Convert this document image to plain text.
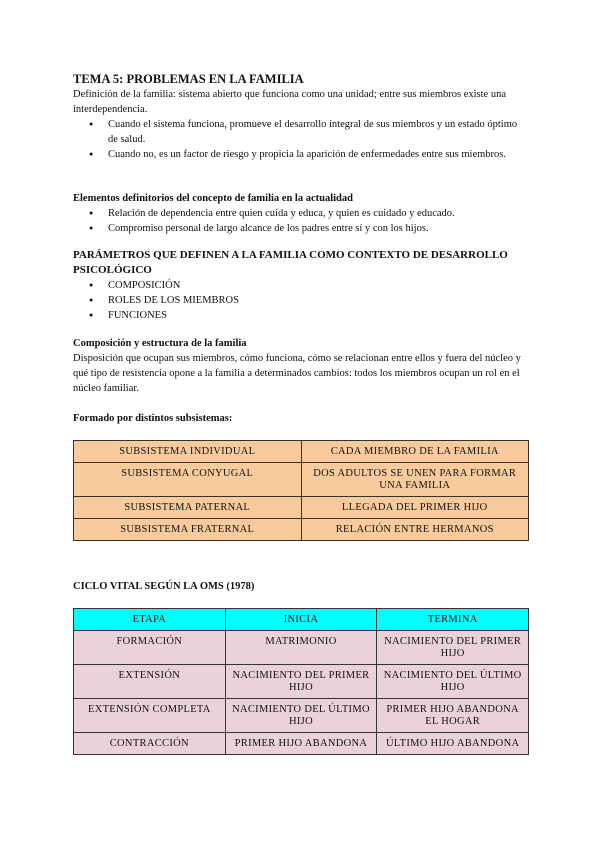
TEMA 5: PROBLEMAS EN LA FAMILIA

Definición de la familia: sistema abierto que funciona como una unidad; entre sus miembros existe una interdependencia.

● Cuando el sistema funciona, promueve el desarrollo integral de sus miembros y un estado óptimo de salud.
● Cuando no, es un factor de riesgo y propicia la aparición de enfermedades entre sus miembros.

Elementos definitorios del concepto de familia en la actualidad

● Relación de dependencia entre quien cuida y educa, y quien es cuidado y educado.
● Compromiso personal de largo alcance de los padres entre sí y con los hijos.

PARÁMETROS QUE DEFINEN A LA FAMILIA COMO CONTEXTO DE DESARROLLO PSICOLÓGICO

● COMPOSICIÓN
● ROLES DE LOS MIEMBROS
● FUNCIONES

Composición y estructura de la familia

Disposición que ocupan sus miembros, cómo funciona, cómo se relacionan entre ellos y fuera del núcleo y qué tipo de resistencia opone a la familia a determinados cambios: todos los miembros ocupan un rol en el núcleo familiar.

Formado por distintos subsistemas:

SUBSISTEMA INDIVIDUAL	CADA MIEMBRO DE LA FAMILIA
SUBSISTEMA CONYUGAL	DOS ADULTOS SE UNEN PARA FORMAR UNA FAMILIA
SUBSISTEMA PATERNAL	LLEGADA DEL PRIMER HIJO
SUBSISTEMA FRATERNAL	RELACIÓN ENTRE HERMANOS

CICLO VITAL SEGÚN LA OMS (1978)

ETAPA	INICIA	TERMINA
FORMACIÓN	MATRIMONIO	NACIMIENTO DEL PRIMER HIJO
EXTENSIÓN	NACIMIENTO DEL PRIMER HIJO	NACIMIENTO DEL ÚLTIMO HIJO
EXTENSIÓN COMPLETA	NACIMIENTO DEL ÚLTIMO HIJO	PRIMER HIJO ABANDONA EL HOGAR
CONTRACCIÓN	PRIMER HIJO ABANDONA	ÚLTIMO HIJO ABANDONA
